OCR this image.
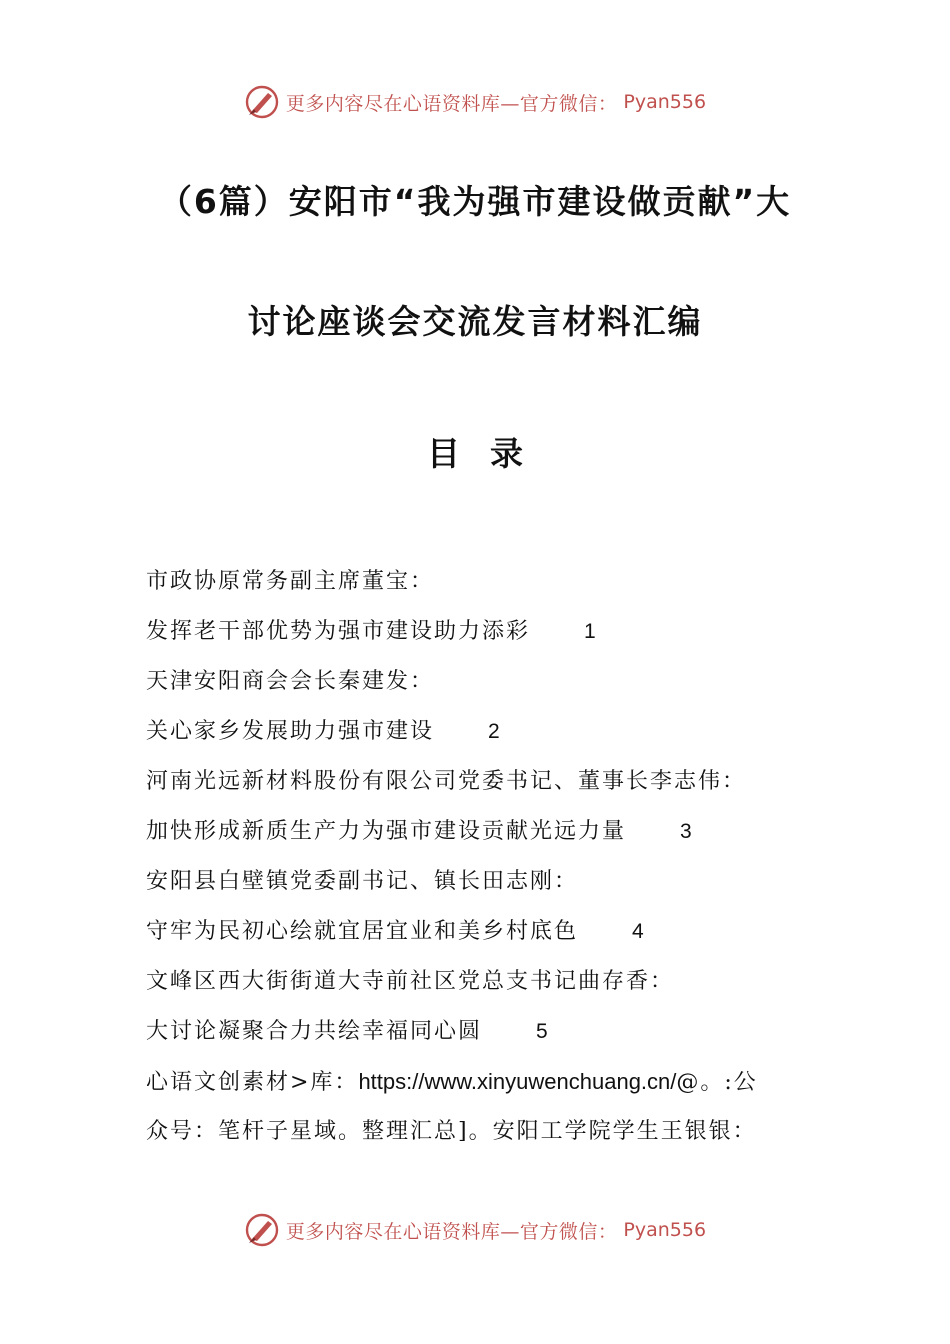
更多内容尽在心语资料库—官方微信： Pyan556
（6篇）安阳市“我为强市建设做贡献”大
讨论座谈会交流发言材料汇编
目录
市政协原常务副主席董宝：
发挥老干部优势为强市建设助力添彩	1
天津安阳商会会长秦建发：
关心家乡发展助力强市建设	2
河南光远新材料股份有限公司党委书记、董事长李志伟：
加快形成新质生产力为强市建设贡献光远力量	3
安阳县白壁镇党委副书记、镇长田志刚：
守牢为民初心绘就宜居宜业和美乡村底色	4
文峰区西大街街道大寺前社区党总支书记曲存香：
大讨论凝聚合力共绘幸福同心圆	5
心语文创素材>库：https://www.xinyuwenchuang.cn/@。:公
众号：笔杆子星域。整理汇总]。安阳工学院学生王银银：
更多内容尽在心语资料库—官方微信： Pyan556
